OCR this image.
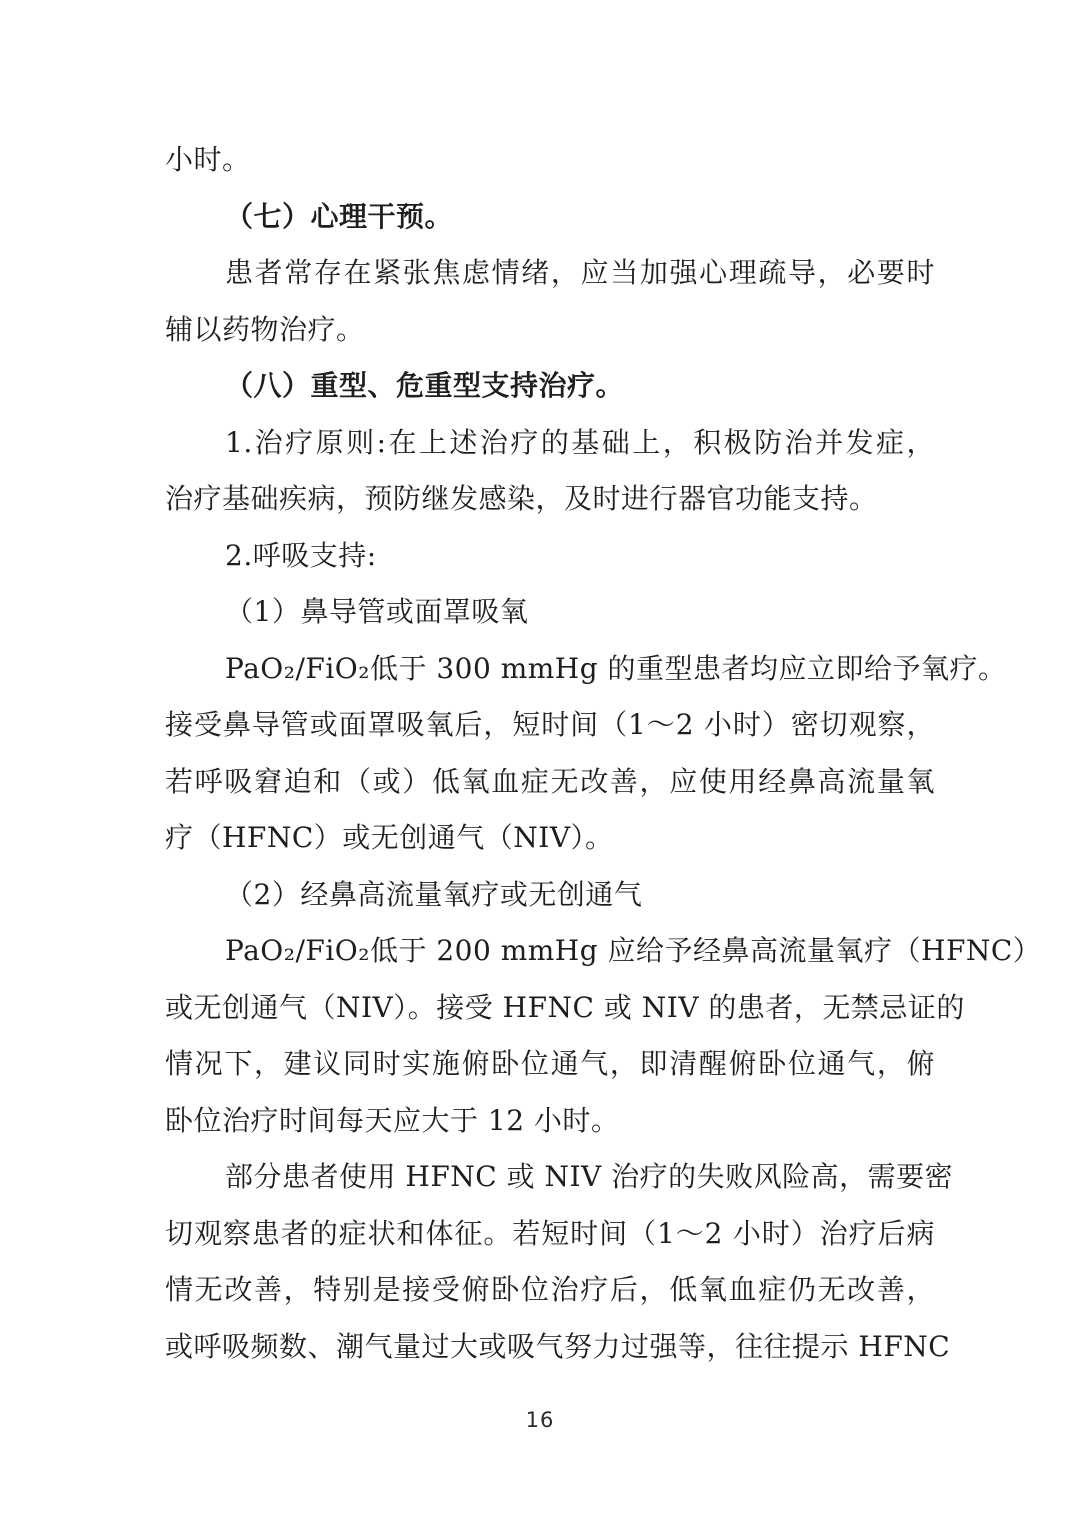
小时。
（七）心理干预。
患者常存在紧张焦虑情绪，应当加强心理疏导，必要时
辅以药物治疗。
（八）重型、危重型支持治疗。
1.治疗原则:在上述治疗的基础上，积极防治并发症，
治疗基础疾病，预防继发感染，及时进行器官功能支持。
2.呼吸支持:
（1）鼻导管或面罩吸氧
PaO₂/FiO₂低于 300 mmHg 的重型患者均应立即给予氧疗。
接受鼻导管或面罩吸氧后，短时间（1～2 小时）密切观察，
若呼吸窘迫和（或）低氧血症无改善，应使用经鼻高流量氧
疗（HFNC）或无创通气（NIV）。
（2）经鼻高流量氧疗或无创通气
PaO₂/FiO₂低于 200 mmHg 应给予经鼻高流量氧疗（HFNC）
或无创通气（NIV）。接受 HFNC 或 NIV 的患者，无禁忌证的
情况下，建议同时实施俯卧位通气，即清醒俯卧位通气，俯
卧位治疗时间每天应大于 12 小时。
部分患者使用 HFNC 或 NIV 治疗的失败风险高，需要密
切观察患者的症状和体征。若短时间（1～2 小时）治疗后病
情无改善，特别是接受俯卧位治疗后，低氧血症仍无改善，
或呼吸频数、潮气量过大或吸气努力过强等，往往提示 HFNC
16
